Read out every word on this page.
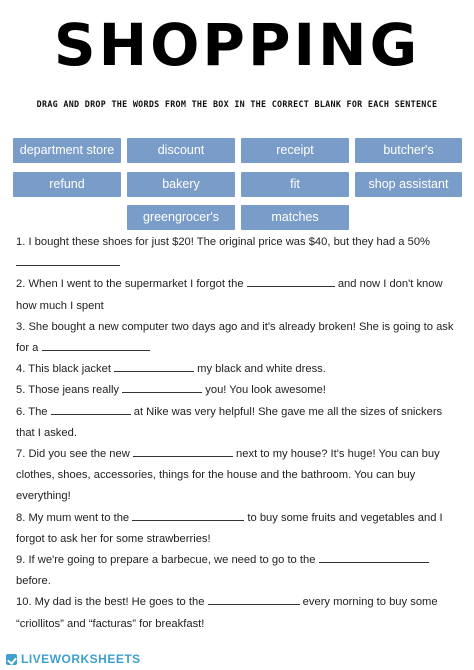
SHOPPING
DRAG AND DROP THE WORDS FROM THE BOX IN THE CORRECT BLANK FOR EACH SENTENCE
department store	discount	receipt	butcher's
refund	bakery	fit	shop assistant
greengrocer's	matches

1. I bought these shoes for just $20! The original price was $40, but they had a 50%

2. When I went to the supermarket I forgot the	and now I don't know how much I spent

3. She bought a new computer two days ago and it's already broken! She is going to ask for a

4. This black jacket	my black and white dress.

5. Those jeans really	you! You look awesome!

6. The	at Nike was very helpful! She gave me all the sizes of snickers that I asked.

7. Did you see the new	next to my house? It's huge! You can buy clothes, shoes, accessories, things for the house and the bathroom. You can buy everything!

8. My mum went to the	to buy some fruits and vegetables and I forgot to ask her for some strawberries!

9. If we're going to prepare a barbecue, we need to go to the  before.

10. My dad is the best! He goes to the	every morning to buy some “criollitos” and “facturas” for breakfast!

LIVEWORKSHEETS
